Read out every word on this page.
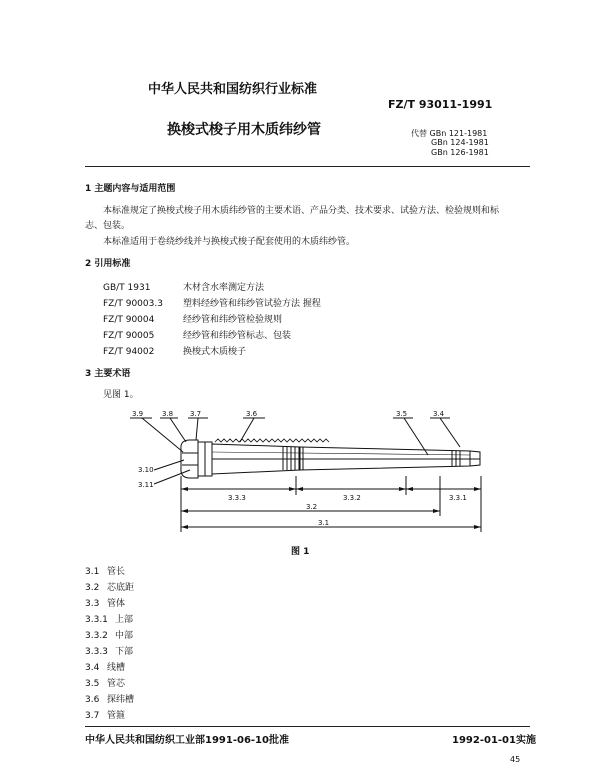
中华人民共和国纺织行业标准
FZ/T 93011-1991
换梭式梭子用木质纬纱管	代替 GBn 121-1981
GBn 124-1981
GBn 126-1981
1 主题内容与适用范围
本标准规定了换梭式梭子用木质纬纱管的主要术语、产品分类、技术要求、试验方法、检验规则和标
志、包装。
本标准适用于卷绕纱线并与换梭式梭子配套使用的木质纬纱管。
2 引用标准
GB/T 1931	木材含水率测定方法
FZ/T 90003.3 塑料经纱管和纬纱管试验方法 握程
FZ/T 90004	经纱管和纬纱管检验规则
FZ/T 90005	经纱管和纬纱管标志、包装
FZ/T 94002	换梭式木质梭子
3 主要术语
见图 1。
3.9	3.8 3.7	3.6	3.5	3.4
3.10
3.11
3.3.3	3.3.2	3.3.1
3.2
3.1
图 1
3.1 管长
3.2 芯底距
3.3 管体
3.3.1 上部
3.3.2 中部
3.3.3 下部
3.4 线槽
3.5 管芯
3.6 探纬槽
3.7 管箍
中华人民共和国纺织工业部1991-06-10批准	1992-01-01实施
45
